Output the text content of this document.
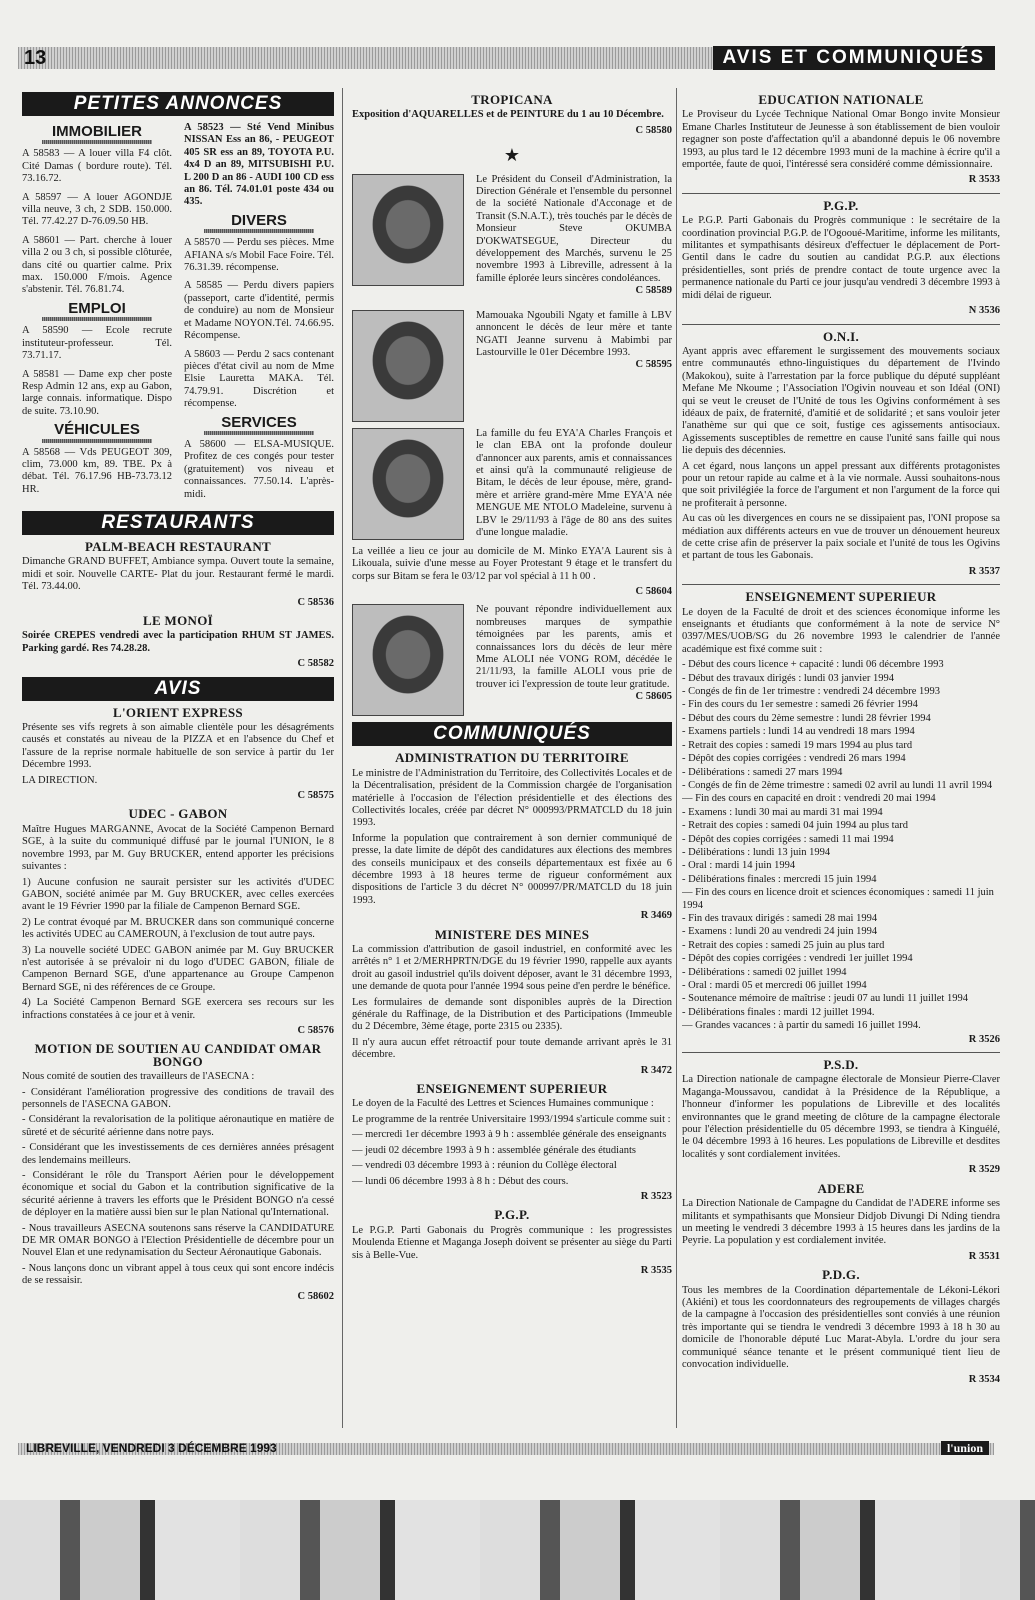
13	AVIS ET COMMUNIQUÉS
PETITES ANNONCES
IMMOBILIER
A 58583 — A louer villa F4 clôt. Cité Damas ( bordure route). Tél. 73.16.72.
A 58597 — A louer AGONDJE villa neuve, 3 ch, 2 SDB. 150.000. Tél. 77.42.27 D-76.09.50 HB.
A 58601 — Part. cherche à louer villa 2 ou 3 ch, si possible clôturée, dans cité ou quartier calme. Prix max. 150.000 F/mois. Agence s'abstenir. Tél. 76.81.74.
EMPLOI
A 58590 — Ecole recrute instituteur-professeur. Tél. 73.71.17.
A 58581 — Dame exp cher poste Resp Admin 12 ans, exp au Gabon, large connais. informatique. Dispo de suite. 73.10.90.
VÉHICULES
A 58568 — Vds PEUGEOT 309, clim, 73.000 km, 89. TBE. Px à débat. Tél. 76.17.96 HB-73.73.12 HR.
A 58523 — Sté Vend Minibus NISSAN Ess an 86, - PEUGEOT 405 SR ess an 89, TOYOTA P.U. 4x4 D an 89, MITSUBISHI P.U. L 200 D an 86 - AUDI 100 CD ess an 86. Tél. 74.01.01 poste 434 ou 435.
DIVERS
A 58570 — Perdu ses pièces. Mme AFIANA s/s Mobil Face Foire. Tél. 76.31.39. récompense.
A 58585 — Perdu divers papiers (passeport, carte d'identité, permis de conduire) au nom de Monsieur et Madame NOYON.Tél. 74.66.95. Récompense.
A 58603 — Perdu 2 sacs contenant pièces d'état civil au nom de Mme Elsie Lauretta MAKA. Tél. 74.79.91. Discrétion et récompense.
SERVICES
A 58600 — ELSA-MUSIQUE. Profitez de ces congés pour tester (gratuitement) vos niveau et connaissances. 77.50.14. L'après-midi.
RESTAURANTS
PALM-BEACH RESTAURANT
Dimanche GRAND BUFFET, Ambiance sympa. Ouvert toute la semaine, midi et soir. Nouvelle CARTE- Plat du jour. Restaurant fermé le mardi. Tél. 73.44.00.
C 58536
LE MONOÏ
Soirée CREPES vendredi avec la participation RHUM ST JAMES. Parking gardé. Res 74.28.28.
C 58582
AVIS
L'ORIENT EXPRESS
Présente ses vifs regrets à son aimable clientèle pour les désagréments causés et constatés au niveau de la PIZZA et en l'absence du Chef et l'assure de la reprise normale habituelle de son service à partir du 1er Décembre 1993.
LA DIRECTION.
C 58575
UDEC - GABON
Maître Hugues MARGANNE, Avocat de la Société Campenon Bernard SGE, à la suite du communiqué diffusé par le journal l'UNION, le 8 novembre 1993, par M. Guy BRUCKER, entend apporter les précisions suivantes :
1) Aucune confusion ne saurait persister sur les activités d'UDEC GABON, société animée par M. Guy BRUCKER, avec celles exercées avant le 19 Février 1990 par la filiale de Campenon Bernard SGE.
2) Le contrat évoqué par M. BRUCKER dans son communiqué concerne les activités UDEC au CAMEROUN, à l'exclusion de tout autre pays.
3) La nouvelle société UDEC GABON animée par M. Guy BRUCKER n'est autorisée à se prévaloir ni du logo d'UDEC GABON, filiale de Campenon Bernard SGE, d'une appartenance au Groupe Campenon Bernard SGE, ni des références de ce Groupe.
4) La Société Campenon Bernard SGE exercera ses recours sur les infractions constatées à ce jour et à venir.
C 58576
MOTION DE SOUTIEN AU CANDIDAT OMAR BONGO
Nous comité de soutien des travailleurs de l'ASECNA :
- Considérant l'amélioration progressive des conditions de travail des personnels de l'ASECNA GABON.
- Considérant la revalorisation de la politique aéronautique en matière de sûreté et de sécurité aérienne dans notre pays.
- Considérant que les investissements de ces dernières années présagent des lendemains meilleurs.
- Considérant le rôle du Transport Aérien pour le développement économique et social du Gabon et la contribution significative de la sécurité aérienne à travers les efforts que le Président BONGO n'a cessé de déployer en la matière aussi bien sur le plan National qu'International.
- Nous travailleurs ASECNA soutenons sans réserve la CANDIDATURE DE MR OMAR BONGO à l'Election Présidentielle de décembre pour un Nouvel Elan et une redynamisation du Secteur Aéronautique Gabonais.
- Nous lançons donc un vibrant appel à tous ceux qui sont encore indécis de se ressaisir.
C 58602
TROPICANA
Exposition d'AQUARELLES et de PEINTURE du 1 au 10 Décembre.
C 58580
★
Le Président du Conseil d'Administration, la Direction Générale et l'ensemble du personnel de la société Nationale d'Acconage et de Transit (S.N.A.T.), très touchés par le décès de Monsieur Steve OKUMBA D'OKWATSEGUE, Directeur du développement des Marchés, survenu le 25 novembre 1993 à Libreville, adressent à la famille éplorée leurs sincères condoléances.
C 58589
Mamouaka Ngoubili Ngaty et famille à LBV annoncent le décès de leur mère et tante NGATI Jeanne survenu à Mabimbi par Lastourville le 01er Décembre 1993.
C 58595
La famille du feu EYA'A Charles François et le clan EBA ont la profonde douleur d'annoncer aux parents, amis et connaissances et ainsi qu'à la communauté religieuse de Bitam, le décès de leur épouse, mère, grand-mère et arrière grand-mère Mme EYA'A née MENGUE ME NTOLO Madeleine, survenu à LBV le 29/11/93 à l'âge de 80 ans des suites d'une longue maladie.
La veillée a lieu ce jour au domicile de M. Minko EYA'A Laurent sis à Likouala, suivie d'une messe au Foyer Protestant 9 étage et le transfert du corps sur Bitam se fera le 03/12 par vol spécial à 11 h 00 .
C 58604
Ne pouvant répondre individuellement aux nombreuses marques de sympathie témoignées par les parents, amis et connaissances lors du décès de leur mère Mme ALOLI née VONG ROM, décédée le 21/11/93, la famille ALOLI vous prie de trouver ici l'expression de toute leur gratitude.
C 58605
COMMUNIQUÉS
ADMINISTRATION DU TERRITOIRE
Le ministre de l'Administration du Territoire, des Collectivités Locales et de la Décentralisation, président de la Commission chargée de l'organisation matérielle à l'occasion de l'élection présidentielle et des élections des Collectivités locales, créée par décret N° 000993/PRMATCLD du 18 juin 1993.
Informe la population que contrairement à son dernier communiqué de presse, la date limite de dépôt des candidatures aux élections des membres des conseils municipaux et des conseils départementaux est fixée au 6 décembre 1993 à 18 heures terme de rigueur conformément aux dispositions de l'article 3 du décret N° 000997/PR/MATCLD du 18 juin 1993.
R 3469
MINISTERE DES MINES
La commission d'attribution de gasoil industriel, en conformité avec les arrêtés n° 1 et 2/MERHPRTN/DGE du 19 février 1990, rappelle aux ayants droit au gasoil industriel qu'ils doivent déposer, avant le 31 décembre 1993, une demande de quota pour l'année 1994 sous peine d'en perdre le bénéfice.
Les formulaires de demande sont disponibles auprès de la Direction générale du Raffinage, de la Distribution et des Participations (Immeuble du 2 Décembre, 3ème étage, porte 2315 ou 2335).
Il n'y aura aucun effet rétroactif pour toute demande arrivant après le 31 décembre.
R 3472
ENSEIGNEMENT SUPERIEUR
Le doyen de la Faculté des Lettres et Sciences Humaines communique :
Le programme de la rentrée Universitaire 1993/1994 s'articule comme suit :
— mercredi 1er décembre 1993 à 9 h : assemblée générale des enseignants
— jeudi 02 décembre 1993 à 9 h : assemblée générale des étudiants
— vendredi 03 décembre 1993 à : réunion du Collège électoral
— lundi 06 décembre 1993 à 8 h : Début des cours.
R 3523
P.G.P.
Le P.G.P. Parti Gabonais du Progrès communique : les progressistes Moulenda Etienne et Maganga Joseph doivent se présenter au siège du Parti sis à Belle-Vue.
R 3535
EDUCATION NATIONALE
Le Proviseur du Lycée Technique National Omar Bongo invite Monsieur Emane Charles Instituteur de Jeunesse à son établissement de bien vouloir regagner son poste d'affectation qu'il a abandonné depuis le 06 novembre 1993, au plus tard le 12 décembre 1993 muni de la machine à écrire qu'il a emportée, faute de quoi, l'intéressé sera considéré comme démissionnaire.
R 3533
P.G.P.
Le P.G.P. Parti Gabonais du Progrès communique : le secrétaire de la coordination provincial P.G.P. de l'Ogooué-Maritime, informe les militants, militantes et sympathisants désireux d'effectuer le déplacement de Port-Gentil dans le cadre du soutien au candidat P.G.P. aux élections présidentielles, sont priés de prendre contact de toute urgence avec la permanence nationale du Parti ce jour jusqu'au vendredi 3 décembre 1993 à midi délai de rigueur.
N 3536
O.N.I.
Ayant appris avec effarement le surgissement des mouvements sociaux entre communautés ethno-linguistiques du département de l'Ivindo (Makokou), suite à l'arrestation par la force publique du député suppléant Mefane Me Nkoume ; l'Association l'Ogivin nouveau et son Idéal (ONI) qui se veut le creuset de l'Unité de tous les Ogivins conformément à ses idéaux de paix, de fraternité, d'amitié et de solidarité ; et sans vouloir jeter l'anathème sur qui que ce soit, fustige ces agissements antisociaux. Agissements susceptibles de remettre en cause l'unité sans faille qui nous lie depuis des décennies.
A cet égard, nous lançons un appel pressant aux différents protagonistes pour un retour rapide au calme et à la vie normale. Aussi souhaitons-nous que soit privilégiée la force de l'argument et non l'argument de la force qui ne profiterait à personne.
Au cas où les divergences en cours ne se dissipaient pas, l'ONI propose sa médiation aux différents acteurs en vue de trouver un dénouement heureux de cette crise afin de préserver la paix sociale et l'unité de tous les Ogivins et partant de tous les Gabonais.
R 3537
ENSEIGNEMENT SUPERIEUR
Le doyen de la Faculté de droit et des sciences économique informe les enseignants et étudiants que conformément à la note de service N° 0397/MES/UOB/SG du 26 novembre 1993 le calendrier de l'année académique est fixé comme suit :
- Début des cours licence + capacité : lundi 06 décembre 1993
- Début des travaux dirigés : lundi 03 janvier 1994
- Congés de fin de 1er trimestre : vendredi 24 décembre 1993
- Fin des cours du 1er semestre : samedi 26 février 1994
- Début des cours du 2ème semestre : lundi 28 février 1994
- Examens partiels : lundi 14 au vendredi 18 mars 1994
- Retrait des copies : samedi 19 mars 1994 au plus tard
- Dépôt des copies corrigées : vendredi 26 mars 1994
- Délibérations : samedi 27 mars 1994
- Congés de fin de 2ème trimestre : samedi 02 avril au lundi 11 avril 1994
— Fin des cours en capacité en droit : vendredi 20 mai 1994
- Examens : lundi 30 mai au mardi 31 mai 1994
- Retrait des copies : samedi 04 juin 1994 au plus tard
- Dépôt des copies corrigées : samedi 11 mai 1994
- Délibérations : lundi 13 juin 1994
- Oral : mardi 14 juin 1994
- Délibérations finales : mercredi 15 juin 1994
— Fin des cours en licence droit et sciences économiques : samedi 11 juin 1994
- Fin des travaux dirigés : samedi 28 mai 1994
- Examens : lundi 20 au vendredi 24 juin 1994
- Retrait des copies : samedi 25 juin au plus tard
- Dépôt des copies corrigées : vendredi 1er juillet 1994
- Délibérations : samedi 02 juillet 1994
- Oral : mardi 05 et mercredi 06 juillet 1994
- Soutenance mémoire de maîtrise : jeudi 07 au lundi 11 juillet 1994
- Délibérations finales : mardi 12 juillet 1994.
— Grandes vacances : à partir du samedi 16 juillet 1994.
R 3526
P.S.D.
La Direction nationale de campagne électorale de Monsieur Pierre-Claver Maganga-Moussavou, candidat à la Présidence de la République, a l'honneur d'informer les populations de Libreville et des localités environnantes que le grand meeting de clôture de la campagne électorale pour l'élection présidentielle du 05 décembre 1993, se tiendra à Kinguélé, le 04 décembre 1993 à 16 heures. Les populations de Libreville et desdites localités y sont cordialement invitées.
R 3529
ADERE
La Direction Nationale de Campagne du Candidat de l'ADERE informe ses militants et sympathisants que Monsieur Didjob Divungi Di Nding tiendra un meeting le vendredi 3 décembre 1993 à 15 heures dans les jardins de la Peyrie. La population y est cordialement invitée.
R 3531
P.D.G.
Tous les membres de la Coordination départementale de Lékoni-Lékori (Akiéni) et tous les coordonnateurs des regroupements de villages chargés de la campagne à l'occasion des présidentielles sont conviés à une réunion très importante qui se tiendra le vendredi 3 décembre 1993 à 18 h 30 au domicile de l'honorable député Luc Marat-Abyla. L'ordre du jour sera communiqué séance tenante et le présent communiqué tient lieu de convocation individuelle.
R 3534
LIBREVILLE, VENDREDI 3 DÉCEMBRE 1993	l'union
